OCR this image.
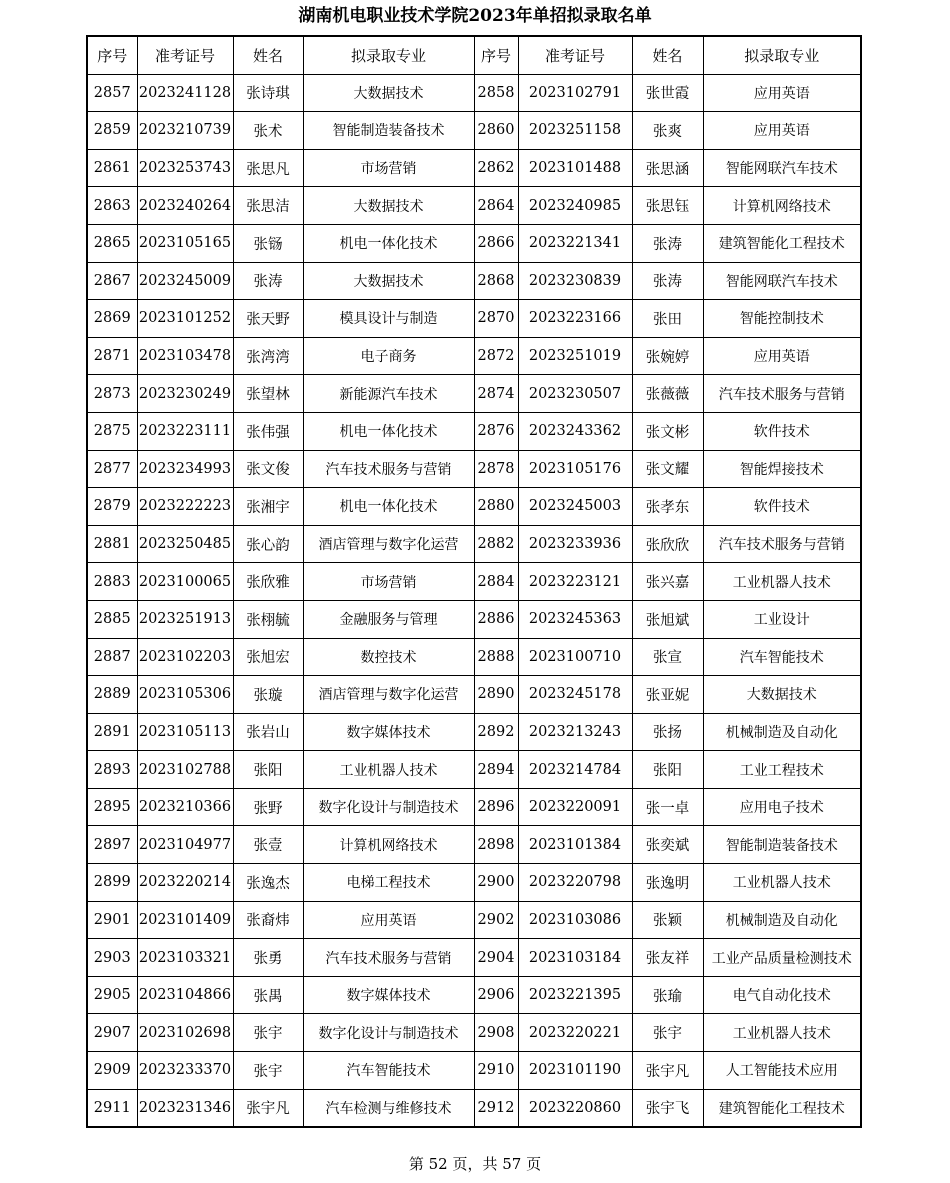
湖南机电职业技术学院2023年单招拟录取名单
序号	准考证号	姓名	拟录取专业	序号	准考证号	姓名	拟录取专业
2857	2023241128	张诗琪	大数据技术	2858	2023102791	张世霞	应用英语
2859	2023210739	张术	智能制造装备技术	2860	2023251158	张爽	应用英语
2861	2023253743	张思凡	市场营销	2862	2023101488	张思涵	智能网联汽车技术
2863	2023240264	张思洁	大数据技术	2864	2023240985	张思钰	计算机网络技术
2865	2023105165	张铴	机电一体化技术	2866	2023221341	张涛	建筑智能化工程技术
2867	2023245009	张涛	大数据技术	2868	2023230839	张涛	智能网联汽车技术
2869	2023101252	张天野	模具设计与制造	2870	2023223166	张田	智能控制技术
2871	2023103478	张湾湾	电子商务	2872	2023251019	张婉婷	应用英语
2873	2023230249	张望林	新能源汽车技术	2874	2023230507	张薇薇	汽车技术服务与营销
2875	2023223111	张伟强	机电一体化技术	2876	2023243362	张文彬	软件技术
2877	2023234993	张文俊	汽车技术服务与营销	2878	2023105176	张文耀	智能焊接技术
2879	2023222223	张湘宇	机电一体化技术	2880	2023245003	张孝东	软件技术
2881	2023250485	张心韵	酒店管理与数字化运营	2882	2023233936	张欣欣	汽车技术服务与营销
2883	2023100065	张欣雅	市场营销	2884	2023223121	张兴嘉	工业机器人技术
2885	2023251913	张栩毓	金融服务与管理	2886	2023245363	张旭斌	工业设计
2887	2023102203	张旭宏	数控技术	2888	2023100710	张宣	汽车智能技术
2889	2023105306	张璇	酒店管理与数字化运营	2890	2023245178	张亚妮	大数据技术
2891	2023105113	张岩山	数字媒体技术	2892	2023213243	张扬	机械制造及自动化
2893	2023102788	张阳	工业机器人技术	2894	2023214784	张阳	工业工程技术
2895	2023210366	张野	数字化设计与制造技术	2896	2023220091	张一卓	应用电子技术
2897	2023104977	张壹	计算机网络技术	2898	2023101384	张奕斌	智能制造装备技术
2899	2023220214	张逸杰	电梯工程技术	2900	2023220798	张逸明	工业机器人技术
2901	2023101409	张裔炜	应用英语	2902	2023103086	张颖	机械制造及自动化
2903	2023103321	张勇	汽车技术服务与营销	2904	2023103184	张友祥	工业产品质量检测技术
2905	2023104866	张禺	数字媒体技术	2906	2023221395	张瑜	电气自动化技术
2907	2023102698	张宇	数字化设计与制造技术	2908	2023220221	张宇	工业机器人技术
2909	2023233370	张宇	汽车智能技术	2910	2023101190	张宇凡	人工智能技术应用
2911	2023231346	张宇凡	汽车检测与维修技术	2912	2023220860	张宇飞	建筑智能化工程技术
第 52 页，共 57 页
